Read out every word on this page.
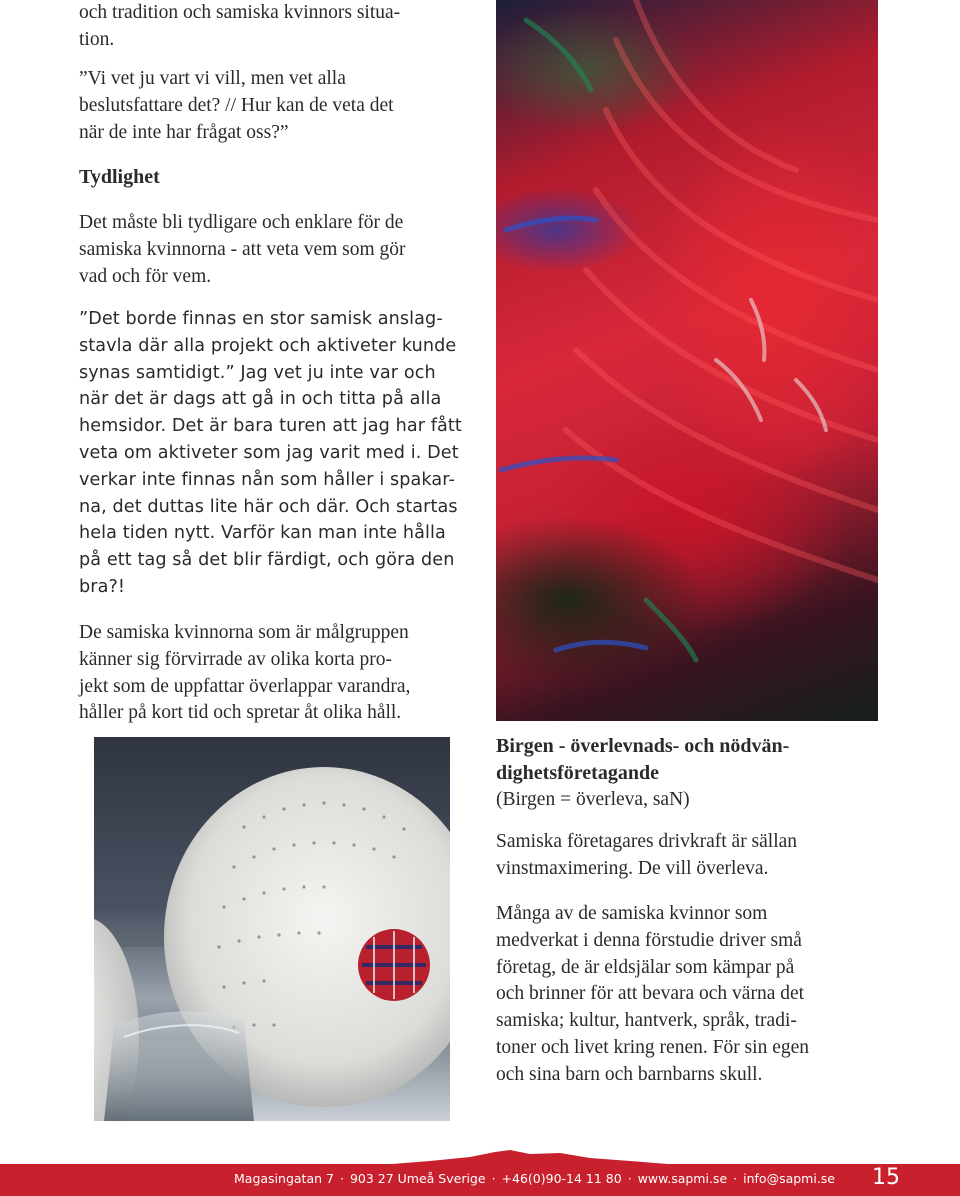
och tradition och samiska kvinnors situa-
tion.

”Vi vet ju vart vi vill, men vet alla
beslutsfattare det? // Hur kan de veta det
när de inte har frågat oss?”

Tydlighet

Det måste bli tydligare och enklare för de
samiska kvinnorna - att veta vem som gör
vad och för vem.

”Det borde finnas en stor samisk anslag-
stavla där alla projekt och aktiveter kunde
synas samtidigt.” Jag vet ju inte var och
när det är dags att gå in och titta på alla
hemsidor. Det är bara turen att jag har fått
veta om aktiveter som jag varit med i. Det
verkar inte finnas nån som håller i spakar-
na, det duttas lite här och där. Och startas
hela tiden nytt. Varför kan man inte hålla
på ett tag så det blir färdigt, och göra den
bra?!

De samiska kvinnorna som är målgruppen
känner sig förvirrade av olika korta pro-
jekt som de uppfattar överlappar varandra,
håller på kort tid och spretar åt olika håll.

Birgen - överlevnads- och nödvän-
dighetsföretagande

(Birgen = överleva, saN)

Samiska företagares drivkraft är sällan
vinstmaximering. De vill överleva.

Många av de samiska kvinnor som
medverkat i denna förstudie driver små
företag, de är eldsjälar som kämpar på
och brinner för att bevara och värna det
samiska; kultur, hantverk, språk, tradi-
toner och livet kring renen. För sin egen
och sina barn och barnbarns skull.

Magasingatan 7 · 903 27 Umeå Sverige · +46(0)90-14 11 80 · www.sapmi.se · info@sapmi.se 15
